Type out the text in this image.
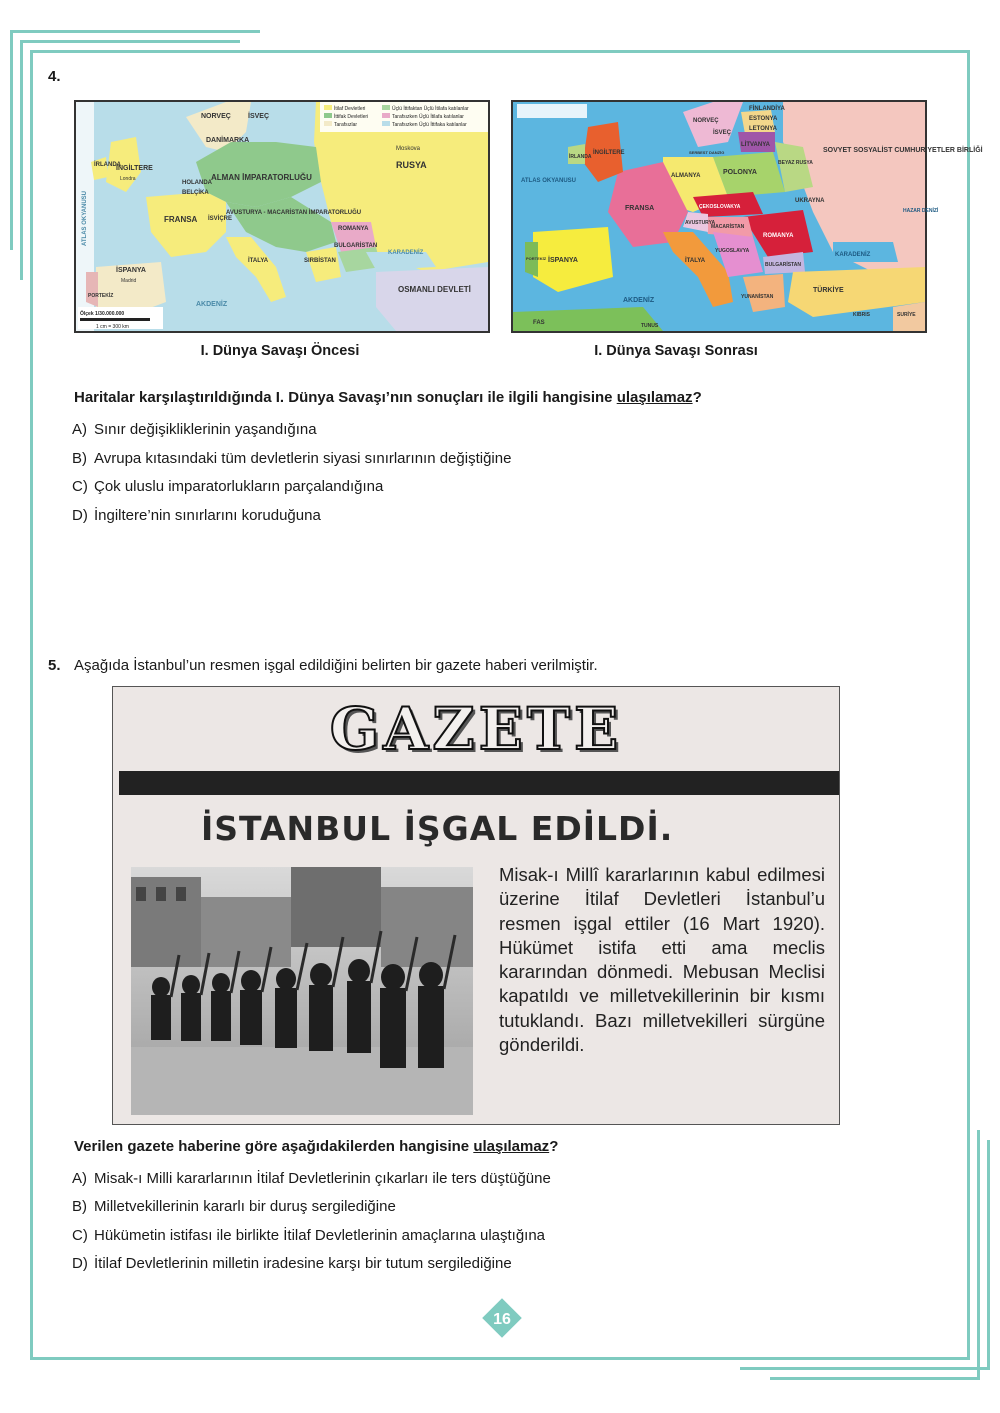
4.
İtilaf Devletleri
İttifak Devletleri
Tarafsızlar
Üçlü İttifaktan Üçlü İtilafa katılanlar
Tarafsızken Üçlü İtilafa katılanlar
Tarafsızken Üçlü İttifaka katılanlar
NORVEÇ İSVEÇ
DANİMARKA
RUSYA
Moskova
İRLANDA
İNGİLTERE
Londra
HOLANDA
BELÇİKA
ALMAN İMPARATORLUĞU
FRANSA İSVİÇRE
AVUSTURYA - MACARİSTAN İMPARATORLUĞU
ROMANYA
BULGARİSTAN
SIRBİSTAN
İTALYA
İSPANYA
Madrid
PORTEKİZ
KARADENİZ
AKDENİZ
OSMANLI DEVLETİ
ATLAS OKYANUSU
Ölçek 1/30.000.000
1 cm = 300 km
NORVEÇ
İSVEÇ
FİNLANDİYA
ESTONYA
LETONYA
LİTVANYA
İRLANDA
İNGİLTERE
ALMANYA	POLONYA
BEYAZ RUSYA
SOVYET SOSYALİST CUMHURİYETLER BİRLİĞİ
UKRAYNA
FRANSA	ÇEKOSLOVAKYA
AVUSTURYA
MACARİSTAN
ROMANYA
YUGOSLAVYA
BULGARİSTAN
İTALYA
İSPANYA
PORTEKİZ
YUNANİSTAN
TÜRKİYE
KARADENİZ
AKDENİZ
ATLAS OKYANUSU
HAZAR DENİZİ
SURİYE
KIBRIS
TUNUS
FAS
SERBEST DANZİG
I. Dünya Savaşı Öncesi	I. Dünya Savaşı Sonrası
Haritalar karşılaştırıldığında I. Dünya Savaşı’nın sonuçları ile ilgili hangisine ulaşılamaz?
A) Sınır değişikliklerinin yaşandığına
B) Avrupa kıtasındaki tüm devletlerin siyasi sınırlarının değiştiğine
C) Çok uluslu imparatorlukların parçalandığına
D) İngiltere’nin sınırlarını koruduğuna
5. Aşağıda İstanbul’un resmen işgal edildiğini belirten bir gazete haberi verilmiştir.
GAZETE
İSTANBUL İŞGAL EDİLDİ.
Misak-ı Millî kararlarının kabul edilmesi üzerine İtilaf Devletleri İstanbul’u resmen işgal ettiler (16 Mart 1920). Hükümet istifa etti ama meclis kararından dönmedi. Mebusan Meclisi kapatıldı ve milletvekillerinin bir kısmı tutuklandı. Bazı milletvekilleri sürgüne gönderildi.
Verilen gazete haberine göre aşağıdakilerden hangisine ulaşılamaz?
A) Misak-ı Milli kararlarının İtilaf Devletlerinin çıkarları ile ters düştüğüne
B) Milletvekillerinin kararlı bir duruş sergilediğine
C) Hükümetin istifası ile birlikte İtilaf Devletlerinin amaçlarına ulaştığına
D) İtilaf Devletlerinin milletin iradesine karşı bir tutum sergilediğine
16
